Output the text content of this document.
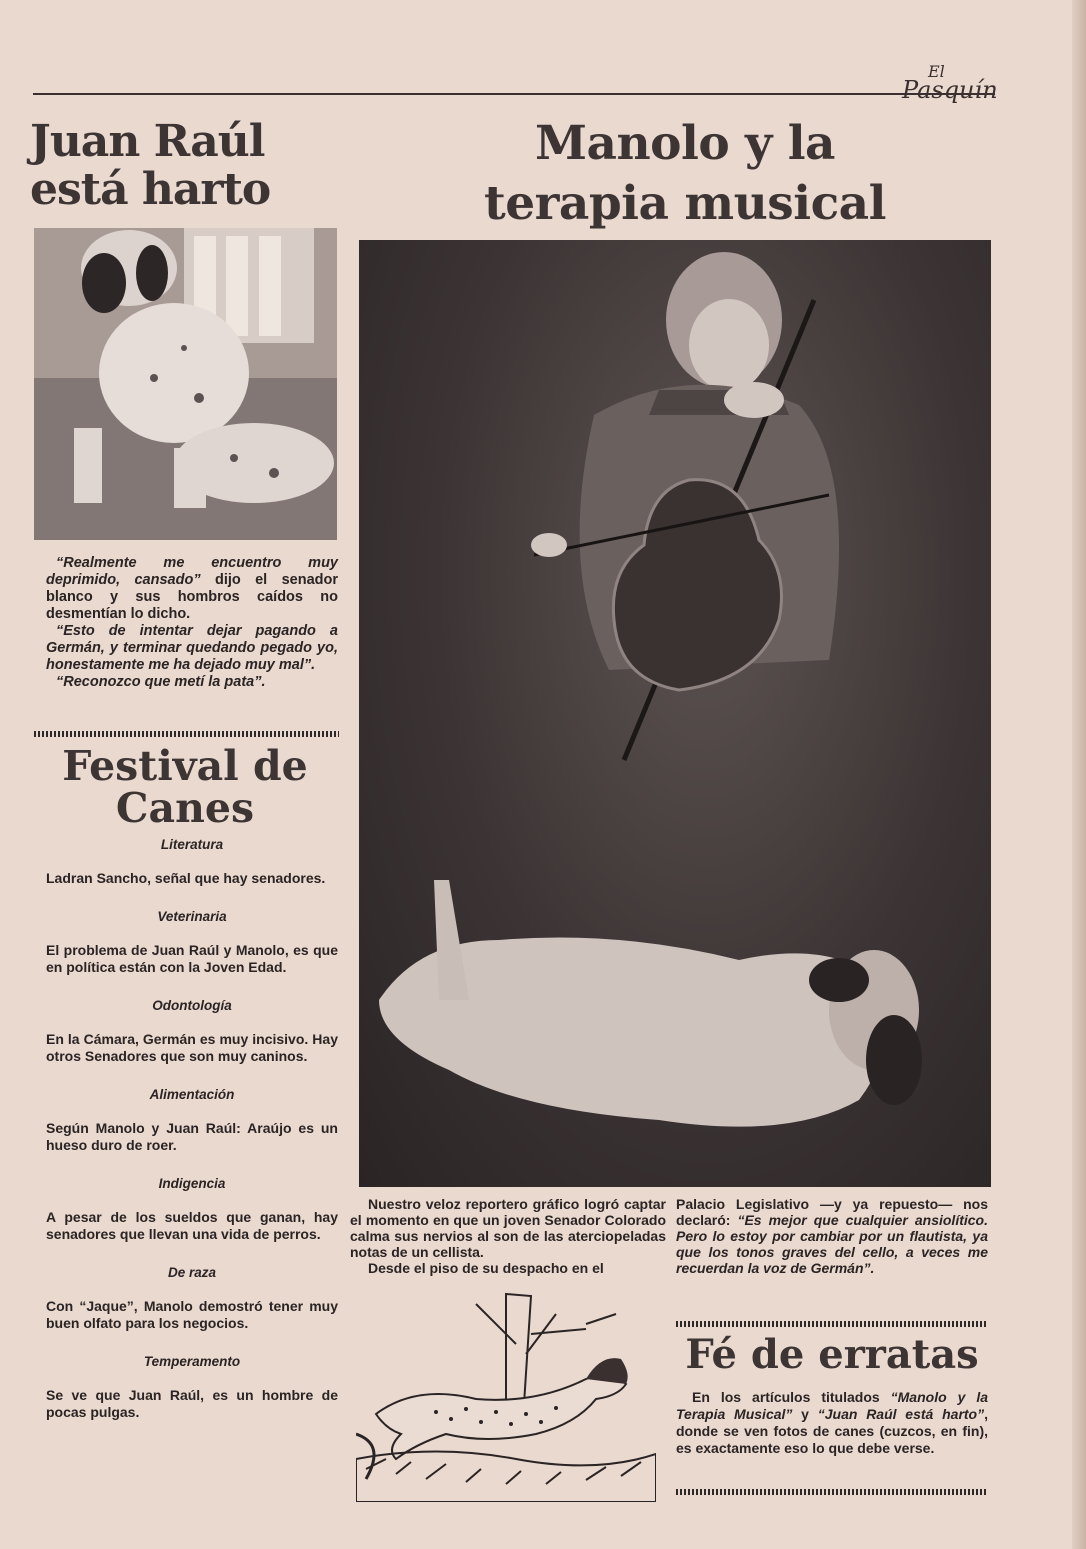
El
Pasquín
Juan Raúl está harto
Manolo y la terapia musical

“Realmente me encuentro muy deprimido, cansado” dijo el senador blanco y sus hombros caídos no desmentían lo dicho.

“Esto de intentar dejar pagando a Germán, y terminar quedando pegado yo, honestamente me ha dejado muy mal”.

“Reconozco que metí la pata”.

Festival de Canes
Literatura
Ladran Sancho, señal que hay senadores.
Veterinaria
El problema de Juan Raúl y Manolo, es que en política están con la Joven Edad.
Odontología
En la Cámara, Germán es muy incisivo. Hay otros Senadores que son muy caninos.
Alimentación
Según Manolo y Juan Raúl: Araújo es un hueso duro de roer.
Indigencia
A pesar de los sueldos que ganan, hay senadores que llevan una vida de perros.
De raza
Con “Jaque”, Manolo demostró tener muy buen olfato para los negocios.
Temperamento
Se ve que Juan Raúl, es un hombre de pocas pulgas.

Nuestro veloz reportero gráfico logró captar el momento en que un joven Senador Colorado calma sus nervios al son de las aterciopeladas notas de un cellista.

Desde el piso de su despacho en el

Palacio Legislativo —y ya repuesto— nos declaró: “Es mejor que cualquier ansiolítico. Pero lo estoy por cambiar por un flautista, ya que los tonos graves del cello, a veces me recuerdan la voz de Germán”.

Fé de erratas

En los artículos titulados “Manolo y la Terapia Musical” y “Juan Raúl está harto”, donde se ven fotos de canes (cuzcos, en fin), es exactamente eso lo que debe verse.
